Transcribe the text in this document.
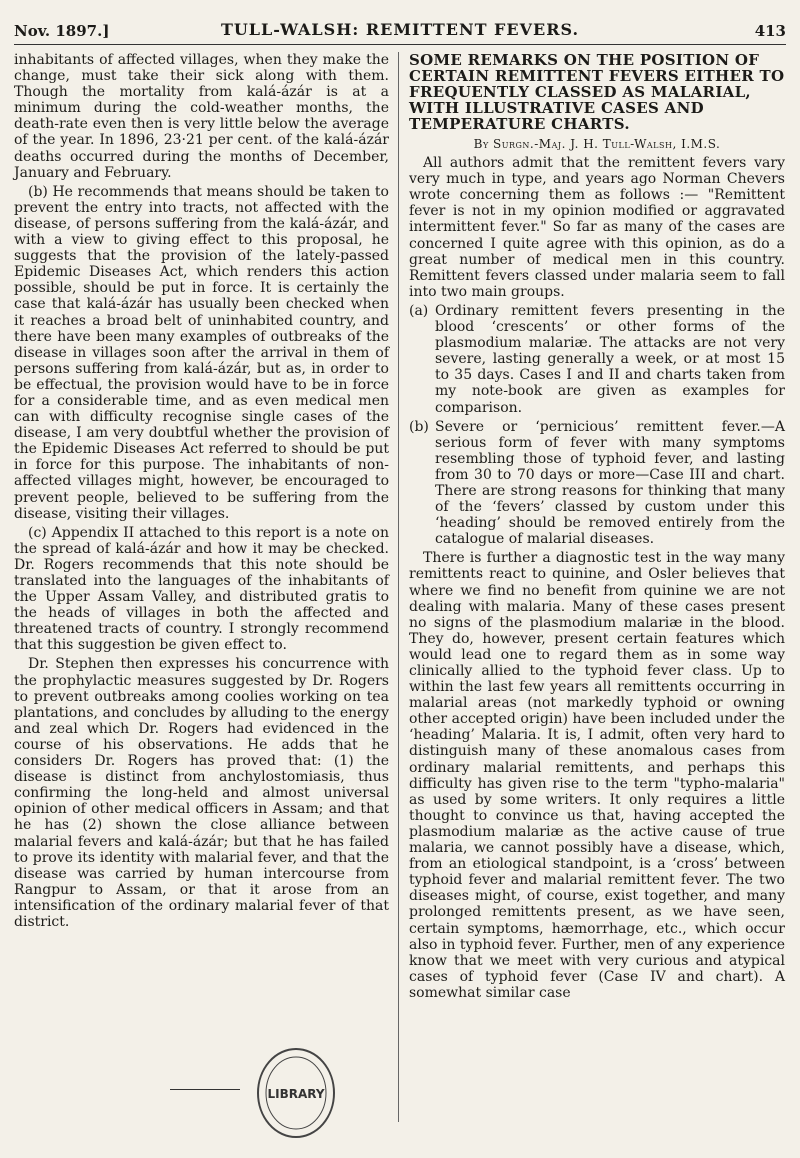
Nov. 1897.]	TULL-WALSH: REMITTENT FEVERS.	413

inhabitants of affected villages, when they make the change, must take their sick along with them. Though the mortality from kalá-ázár is at a minimum during the cold-weather months, the death-rate even then is very little below the average of the year. In 1896, 23·21 per cent. of the kalá-ázár deaths occurred during the months of December, January and February.

(b) He recommends that means should be taken to prevent the entry into tracts, not affected with the disease, of persons suffering from the kalá-ázár, and with a view to giving effect to this proposal, he suggests that the provision of the lately-passed Epidemic Diseases Act, which renders this action possible, should be put in force. It is certainly the case that kalá-ázár has usually been checked when it reaches a broad belt of uninhabited country, and there have been many examples of outbreaks of the disease in villages soon after the arrival in them of persons suffering from kalá-ázár, but as, in order to be effectual, the provision would have to be in force for a considerable time, and as even medical men can with difficulty recognise single cases of the disease, I am very doubtful whether the provision of the Epidemic Diseases Act referred to should be put in force for this purpose. The inhabitants of non-affected villages might, however, be encouraged to prevent people, believed to be suffering from the disease, visiting their villages.

(c) Appendix II attached to this report is a note on the spread of kalá-ázár and how it may be checked. Dr. Rogers recommends that this note should be translated into the languages of the inhabitants of the Upper Assam Valley, and distributed gratis to the heads of villages in both the affected and threatened tracts of country. I strongly recommend that this suggestion be given effect to.

Dr. Stephen then expresses his concurrence with the prophylactic measures suggested by Dr. Rogers to prevent outbreaks among coolies working on tea plantations, and concludes by alluding to the energy and zeal which Dr. Rogers had evidenced in the course of his observations. He adds that he considers Dr. Rogers has proved that: (1) the disease is distinct from anchylostomiasis, thus confirming the long-held and almost universal opinion of other medical officers in Assam; and that he has (2) shown the close alliance between malarial fevers and kalá-ázár; but that he has failed to prove its identity with malarial fever, and that the disease was carried by human intercourse from Rangpur to Assam, or that it arose from an intensification of the ordinary malarial fever of that district.

LIBRARY
SOME REMARKS ON THE POSITION OF CERTAIN REMITTENT FEVERS EITHER TO FREQUENTLY CLASSED AS MALARIAL, WITH ILLUSTRATIVE CASES AND TEMPERATURE CHARTS.
By Surgn.-Maj. J. H. Tull-Walsh, I.M.S.

All authors admit that the remittent fevers vary very much in type, and years ago Norman Chevers wrote concerning them as follows :— "Remittent fever is not in my opinion modified or aggravated intermittent fever." So far as many of the cases are concerned I quite agree with this opinion, as do a great number of medical men in this country. Remittent fevers classed under malaria seem to fall into two main groups.

(a) Ordinary remittent fevers presenting in the blood ‘crescents’ or other forms of the plasmodium malariæ. The attacks are not very severe, lasting generally a week, or at most 15 to 35 days. Cases I and II and charts taken from my note-book are given as examples for comparison.
(b) Severe or ‘pernicious’ remittent fever.—A serious form of fever with many symptoms resembling those of typhoid fever, and lasting from 30 to 70 days or more—Case III and chart. There are strong reasons for thinking that many of the ‘fevers’ classed by custom under this ‘heading’ should be removed entirely from the catalogue of malarial diseases.

There is further a diagnostic test in the way many remittents react to quinine, and Osler believes that where we find no benefit from quinine we are not dealing with malaria. Many of these cases present no signs of the plasmodium malariæ in the blood. They do, however, present certain features which would lead one to regard them as in some way clinically allied to the typhoid fever class. Up to within the last few years all remittents occurring in malarial areas (not markedly typhoid or owning other accepted origin) have been included under the ‘heading’ Malaria. It is, I admit, often very hard to distinguish many of these anomalous cases from ordinary malarial remittents, and perhaps this difficulty has given rise to the term "typho-malaria" as used by some writers. It only requires a little thought to convince us that, having accepted the plasmodium malariæ as the active cause of true malaria, we cannot possibly have a disease, which, from an etiological standpoint, is a ‘cross’ between typhoid fever and malarial remittent fever. The two diseases might, of course, exist together, and many prolonged remittents present, as we have seen, certain symptoms, hæmorrhage, etc., which occur also in typhoid fever. Further, men of any experience know that we meet with very curious and atypical cases of typhoid fever (Case IV and chart). A somewhat similar case
